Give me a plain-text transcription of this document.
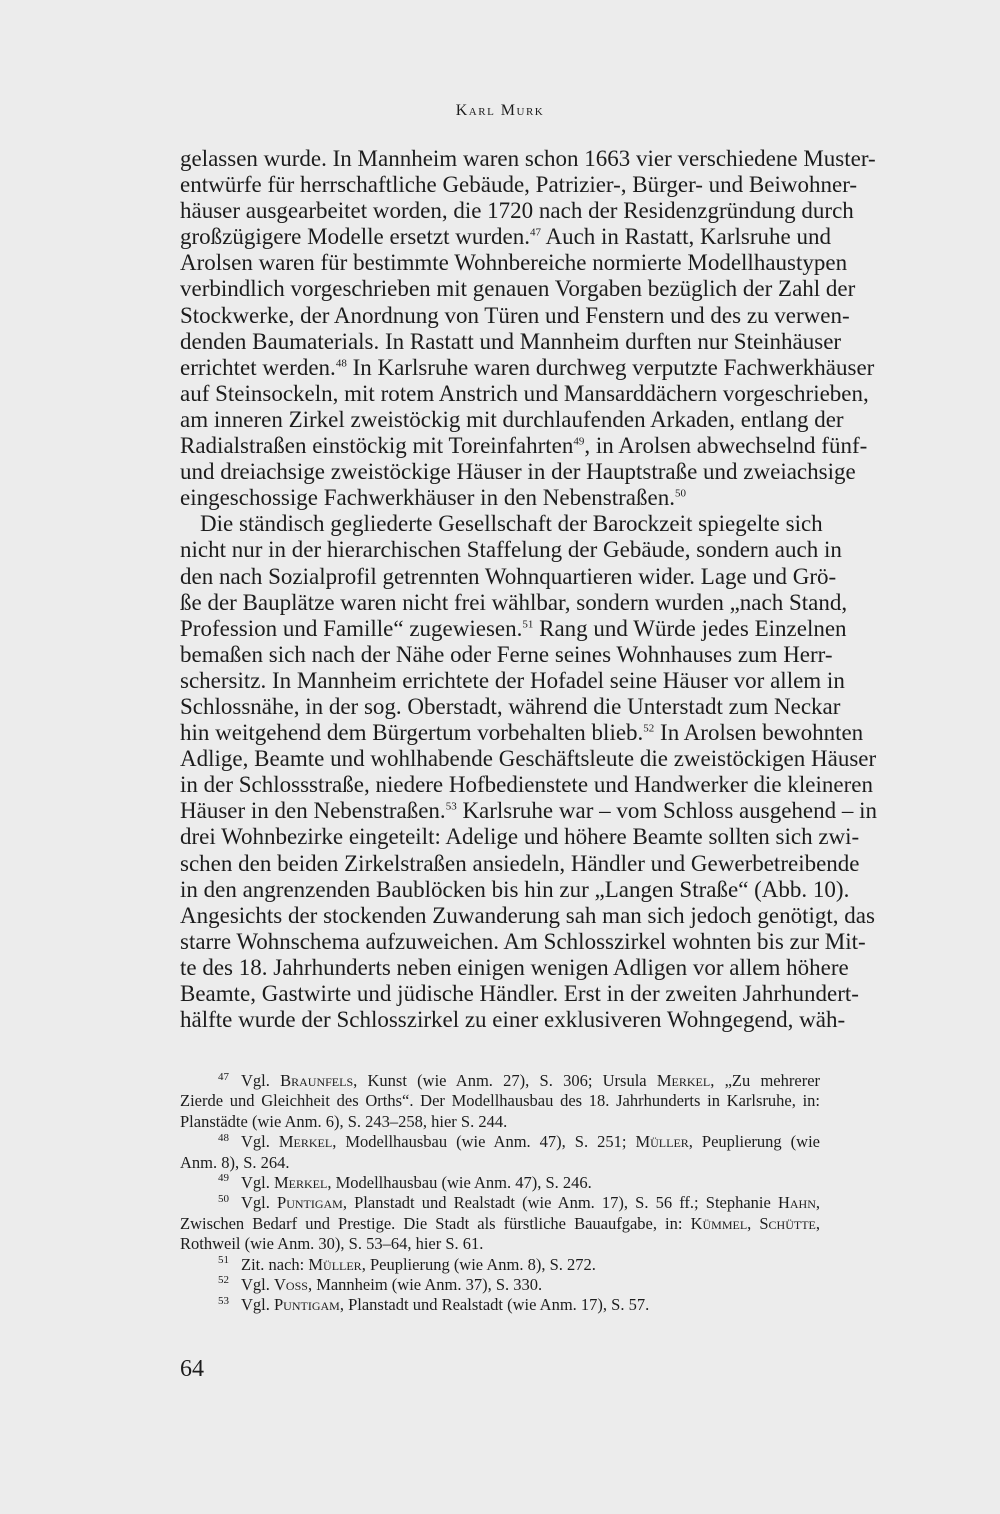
Karl Murk
gelassen wurde. In Mannheim waren schon 1663 vier verschiedene Muster-
entwürfe für herrschaftliche Gebäude, Patrizier-, Bürger- und Beiwohner-
häuser ausgearbeitet worden, die 1720 nach der Residenzgründung durch
großzügigere Modelle ersetzt wurden.$^{47}$ Auch in Rastatt, Karlsruhe und
Arolsen waren für bestimmte Wohnbereiche normierte Modellhaustypen
verbindlich vorgeschrieben mit genauen Vorgaben bezüglich der Zahl der
Stockwerke, der Anordnung von Türen und Fenstern und des zu verwen-
denden Baumaterials. In Rastatt und Mannheim durften nur Steinhäuser
errichtet werden.$^{48}$ In Karlsruhe waren durchweg verputzte Fachwerkhäuser
auf Steinsockeln, mit rotem Anstrich und Mansarddächern vorgeschrieben,
am inneren Zirkel zweistöckig mit durchlaufenden Arkaden, entlang der
Radialstraßen einstöckig mit Toreinfahrten$^{49}$, in Arolsen abwechselnd fünf-
und dreiachsige zweistöckige Häuser in der Hauptstraße und zweiachsige
eingeschossige Fachwerkhäuser in den Nebenstraßen.$^{50}$
Die ständisch gegliederte Gesellschaft der Barockzeit spiegelte sich
nicht nur in der hierarchischen Staffelung der Gebäude, sondern auch in
den nach Sozialprofil getrennten Wohnquartieren wider. Lage und Grö-
ße der Bauplätze waren nicht frei wählbar, sondern wurden „nach Stand,
Profession und Famille“ zugewiesen.$^{51}$ Rang und Würde jedes Einzelnen
bemaßen sich nach der Nähe oder Ferne seines Wohnhauses zum Herr-
schersitz. In Mannheim errichtete der Hofadel seine Häuser vor allem in
Schlossnähe, in der sog. Oberstadt, während die Unterstadt zum Neckar
hin weitgehend dem Bürgertum vorbehalten blieb.$^{52}$ In Arolsen bewohnten
Adlige, Beamte und wohlhabende Geschäftsleute die zweistöckigen Häuser
in der Schlossstraße, niedere Hofbedienstete und Handwerker die kleineren
Häuser in den Nebenstraßen.$^{53}$ Karlsruhe war – vom Schloss ausgehend – in
drei Wohnbezirke eingeteilt: Adelige und höhere Beamte sollten sich zwi-
schen den beiden Zirkelstraßen ansiedeln, Händler und Gewerbetreibende
in den angrenzenden Baublöcken bis hin zur „Langen Straße“ (Abb. 10).
Angesichts der stockenden Zuwanderung sah man sich jedoch genötigt, das
starre Wohnschema aufzuweichen. Am Schlosszirkel wohnten bis zur Mit-
te des 18. Jahrhunderts neben einigen wenigen Adligen vor allem höhere
Beamte, Gastwirte und jüdische Händler. Erst in der zweiten Jahrhundert-
hälfte wurde der Schlosszirkel zu einer exklusiveren Wohngegend, wäh-
$^{47}$ Vgl. Braunfels, Kunst (wie Anm. 27), S. 306; Ursula Merkel, „Zu mehrerer
Zierde und Gleichheit des Orths“. Der Modellhausbau des 18. Jahrhunderts in Karlsruhe, in:
Planstädte (wie Anm. 6), S. 243–258, hier S. 244.
$^{48}$ Vgl. Merkel, Modellhausbau (wie Anm. 47), S. 251; Müller, Peuplierung (wie
Anm. 8), S. 264.
$^{49}$ Vgl. Merkel, Modellhausbau (wie Anm. 47), S. 246.
$^{50}$ Vgl. Puntigam, Planstadt und Realstadt (wie Anm. 17), S. 56 ff.; Stephanie Hahn,
Zwischen Bedarf und Prestige. Die Stadt als fürstliche Bauaufgabe, in: Kümmel, Schütte,
Rothweil (wie Anm. 30), S. 53–64, hier S. 61.
$^{51}$ Zit. nach: Müller, Peuplierung (wie Anm. 8), S. 272.
$^{52}$ Vgl. Voss, Mannheim (wie Anm. 37), S. 330.
$^{53}$ Vgl. Puntigam, Planstadt und Realstadt (wie Anm. 17), S. 57.
64
